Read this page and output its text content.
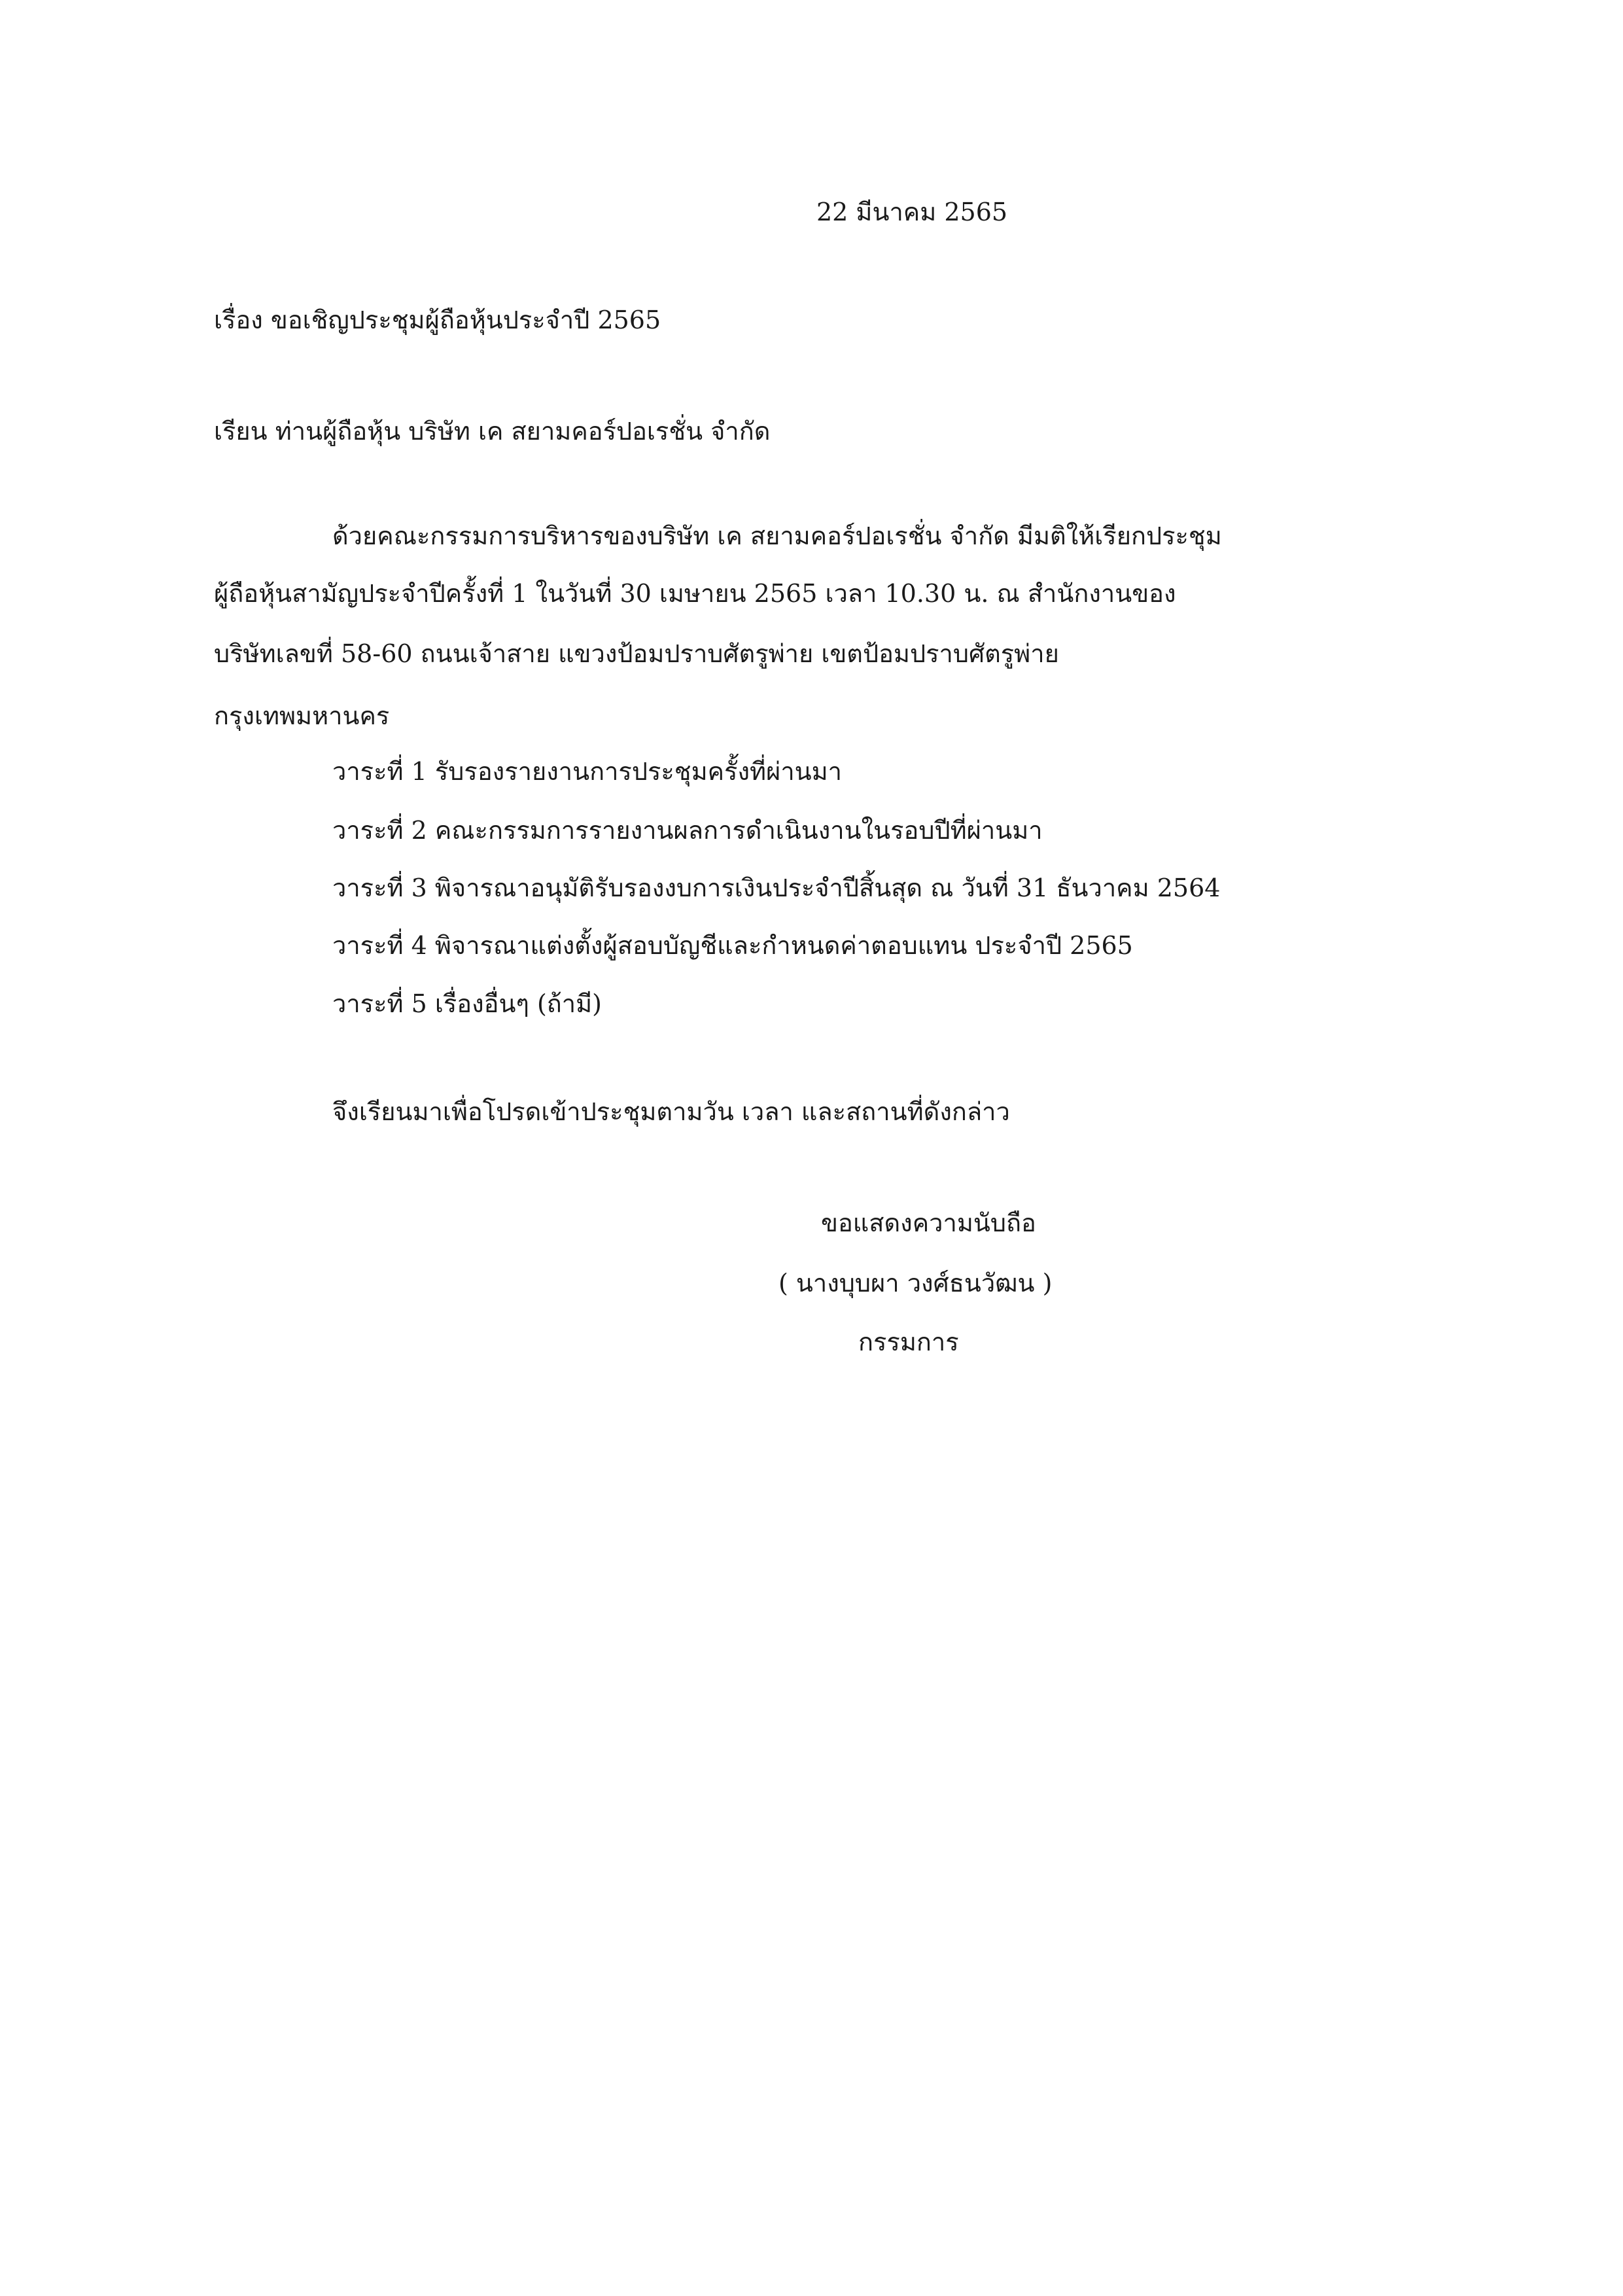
22 มีนาคม 2565
เรื่อง ขอเชิญประชุมผู้ถือหุ้นประจำปี 2565
เรียน ท่านผู้ถือหุ้น บริษัท เค สยามคอร์ปอเรชั่น จำกัด
ด้วยคณะกรรมการบริหารของบริษัท เค สยามคอร์ปอเรชั่น จำกัด มีมติให้เรียกประชุม
ผู้ถือหุ้นสามัญประจำปีครั้งที่ 1 ในวันที่ 30 เมษายน 2565 เวลา 10.30 น. ณ สำนักงานของ
บริษัทเลขที่ 58-60 ถนนเจ้าสาย แขวงป้อมปราบศัตรูพ่าย เขตป้อมปราบศัตรูพ่าย
กรุงเทพมหานคร
วาระที่ 1 รับรองรายงานการประชุมครั้งที่ผ่านมา
วาระที่ 2 คณะกรรมการรายงานผลการดำเนินงานในรอบปีที่ผ่านมา
วาระที่ 3 พิจารณาอนุมัติรับรองงบการเงินประจำปีสิ้นสุด ณ วันที่ 31 ธันวาคม 2564
วาระที่ 4 พิจารณาแต่งตั้งผู้สอบบัญชีและกำหนดค่าตอบแทน ประจำปี 2565
วาระที่ 5 เรื่องอื่นๆ (ถ้ามี)
จึงเรียนมาเพื่อโปรดเข้าประชุมตามวัน เวลา และสถานที่ดังกล่าว
ขอแสดงความนับถือ
( นางบุบผา วงศ์ธนวัฒน )
กรรมการ
